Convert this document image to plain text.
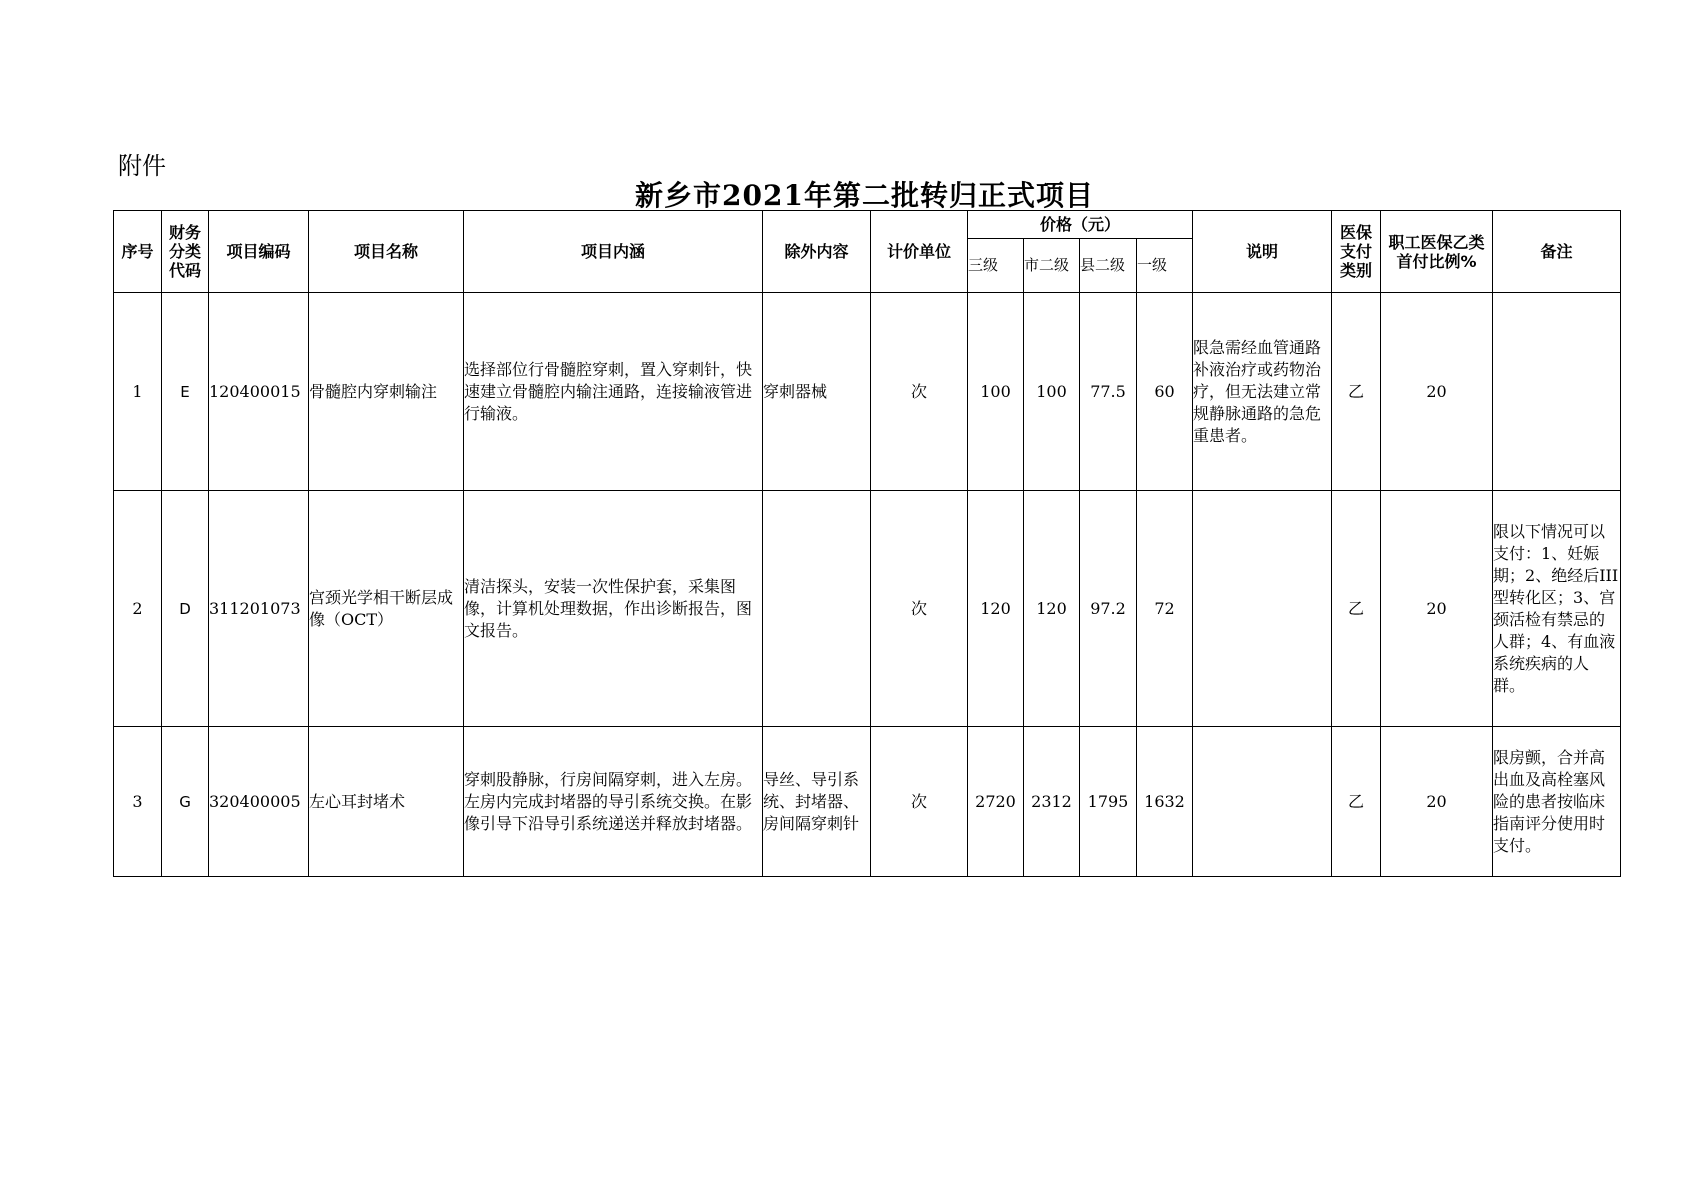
附件
新乡市2021年第二批转归正式项目
序号	财务分类代码	项目编码	项目名称	项目内涵	除外内容	计价单位	价格（元）				说明	医保支付类别	职工医保乙类首付比例%	备注
							三级	市二级	县二级	一级				
1	E	120400015	骨髓腔内穿刺输注	选择部位行骨髓腔穿刺，置入穿刺针，快速建立骨髓腔内输注通路，连接输液管进行输液。	穿刺器械	次	100	100	77.5	60	限急需经血管通路补液治疗或药物治疗，但无法建立常规静脉通路的急危重患者。	乙	20	
2	D	311201073	宫颈光学相干断层成像（OCT）	清洁探头，安装一次性保护套，采集图像，计算机处理数据，作出诊断报告，图文报告。		次	120	120	97.2	72		乙	20	限以下情况可以支付：1、妊娠期；2、绝经后III型转化区；3、宫颈活检有禁忌的人群；4、有血液系统疾病的人群。
3	G	320400005	左心耳封堵术	穿刺股静脉，行房间隔穿刺，进入左房。左房内完成封堵器的导引系统交换。在影像引导下沿导引系统递送并释放封堵器。	导丝、导引系统、封堵器、房间隔穿刺针	次	2720	2312	1795	1632		乙	20	限房颤，合并高出血及高栓塞风险的患者按临床指南评分使用时支付。
